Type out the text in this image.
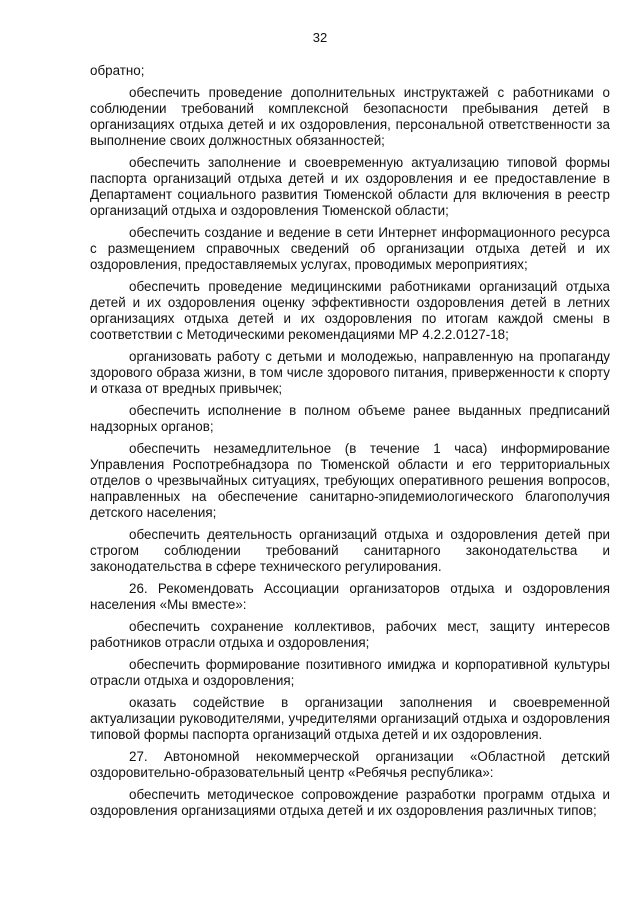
32

обратно;

обеспечить проведение дополнительных инструктажей с работниками о соблюдении требований комплексной безопасности пребывания детей в организациях отдыха детей и их оздоровления, персональной ответственности за выполнение своих должностных обязанностей;

обеспечить заполнение и своевременную актуализацию типовой формы паспорта организаций отдыха детей и их оздоровления и ее предоставление в Департамент социального развития Тюменской области для включения в реестр организаций отдыха и оздоровления Тюменской области;

обеспечить создание и ведение в сети Интернет информационного ресурса с размещением справочных сведений об организации отдыха детей и их оздоровления, предоставляемых услугах, проводимых мероприятиях;

обеспечить проведение медицинскими работниками организаций отдыха детей и их оздоровления оценку эффективности оздоровления детей в летних организациях отдыха детей и их оздоровления по итогам каждой смены в соответствии с Методическими рекомендациями МР 4.2.2.0127-18;

организовать работу с детьми и молодежью, направленную на пропаганду здорового образа жизни, в том числе здорового питания, приверженности к спорту и отказа от вредных привычек;

обеспечить исполнение в полном объеме ранее выданных предписаний надзорных органов;

обеспечить незамедлительное (в течение 1 часа) информирование Управления Роспотребнадзора по Тюменской области и его территориальных отделов о чрезвычайных ситуациях, требующих оперативного решения вопросов, направленных на обеспечение санитарно-эпидемиологического благополучия детского населения;

обеспечить деятельность организаций отдыха и оздоровления детей при строгом соблюдении требований санитарного законодательства и законодательства в сфере технического регулирования.

26. Рекомендовать Ассоциации организаторов отдыха и оздоровления населения «Мы вместе»:

обеспечить сохранение коллективов, рабочих мест, защиту интересов работников отрасли отдыха и оздоровления;

обеспечить формирование позитивного имиджа и корпоративной культуры отрасли отдыха и оздоровления;

оказать содействие в организации заполнения и своевременной актуализации руководителями, учредителями организаций отдыха и оздоровления типовой формы паспорта организаций отдыха детей и их оздоровления.

27. Автономной некоммерческой организации «Областной детский оздоровительно-образовательный центр «Ребячья республика»:

обеспечить методическое сопровождение разработки программ отдыха и оздоровления организациями отдыха детей и их оздоровления различных типов;
